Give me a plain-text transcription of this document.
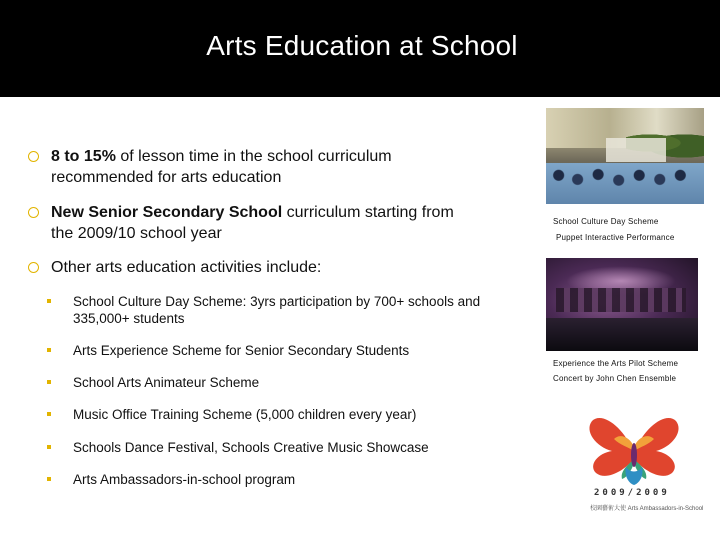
Arts Education at School
8 to 15% of lesson time in the school curriculum
recommended for arts education
New Senior Secondary School curriculum starting from
the 2009/10 school year
Other arts education activities include:
School Culture Day Scheme: 3yrs participation by 700+ schools and
335,000+ students
Arts Experience Scheme for Senior Secondary Students
School Arts Animateur Scheme
Music Office Training Scheme (5,000 children every year)
Schools Dance Festival, Schools Creative Music Showcase
Arts Ambassadors-in-school program
School Culture Day Scheme
Puppet Interactive Performance
Experience the Arts Pilot Scheme
Concert by John Chen Ensemble
2009/2009
校園藝術大使 Arts Ambassadors-in-School
